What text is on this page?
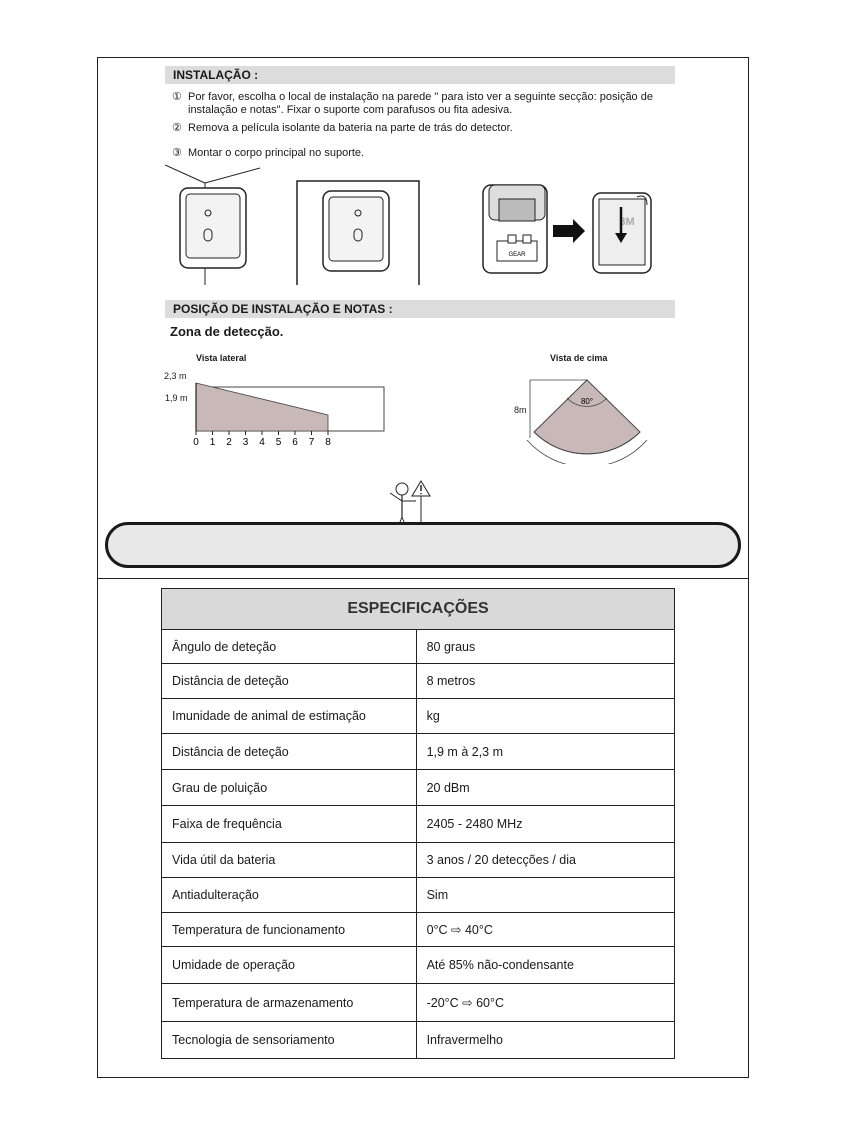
INSTALAÇÃO :
① Por favor, escolha o local de instalação na parede " para isto ver a seguinte secção: posição de
instalação e notas". Fixar o suporte com parafusos ou fita adesiva.
② Remova a película isolante da bateria na parte de trás do detector.
③ Montar o corpo principal no suporte.
GEAR
3M
POSIÇÃO DE INSTALAÇÃO E NOTAS :
Zona de detecção.
Vista lateral
2,3 m
1,9 m
0 1 2 3 4 5 6 7 8
Vista de cima
8m
80°
ESPECIFICAÇÕES	
Ângulo de deteção	80 graus
Distância de deteção	8 metros
Imunidade de animal de estimação	kg
Distância de deteção	1,9 m à 2,3 m
Grau de poluição	20 dBm
Faixa de frequência	2405 - 2480 MHz
Vida útil da bateria	3 anos / 20 detecções / dia
Antiadulteração	Sim
Temperatura de funcionamento	0°C ⇨ 40°C
Umidade de operação	Até 85% não-condensante
Temperatura de armazenamento	-20°C ⇨ 60°C
Tecnologia de sensoriamento	Infravermelho
